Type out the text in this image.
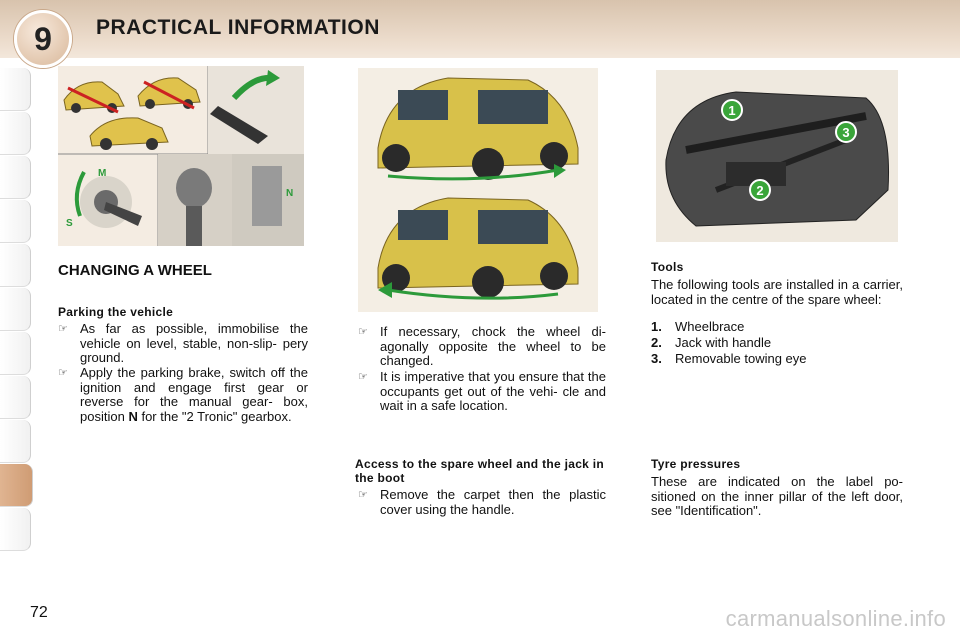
9	PRACTICAL INFORMATION
M
S
N
1
2
3
CHANGING A WHEEL
Parking the vehicle
☞ As far as possible, immobilise the vehicle on level, stable, non-slip- pery ground.
☞ Apply the parking brake, switch off the ignition and engage first gear or reverse for the manual gear- box, position N for the "2 Tronic" gearbox.
☞ If necessary, chock the wheel di- agonally opposite the wheel to be changed.
☞ It is imperative that you ensure that the occupants get out of the vehi- cle and wait in a safe location.
Access to the spare wheel and the jack in the boot
☞ Remove the carpet then the plastic cover using the handle.
Tools
The following tools are installed in a carrier, located in the centre of the spare wheel:
1. Wheelbrace
2. Jack with handle
3. Removable towing eye
Tyre pressures
These are indicated on the label po- sitioned on the inner pillar of the left door, see "Identification".
72	carmanualsonline.info
